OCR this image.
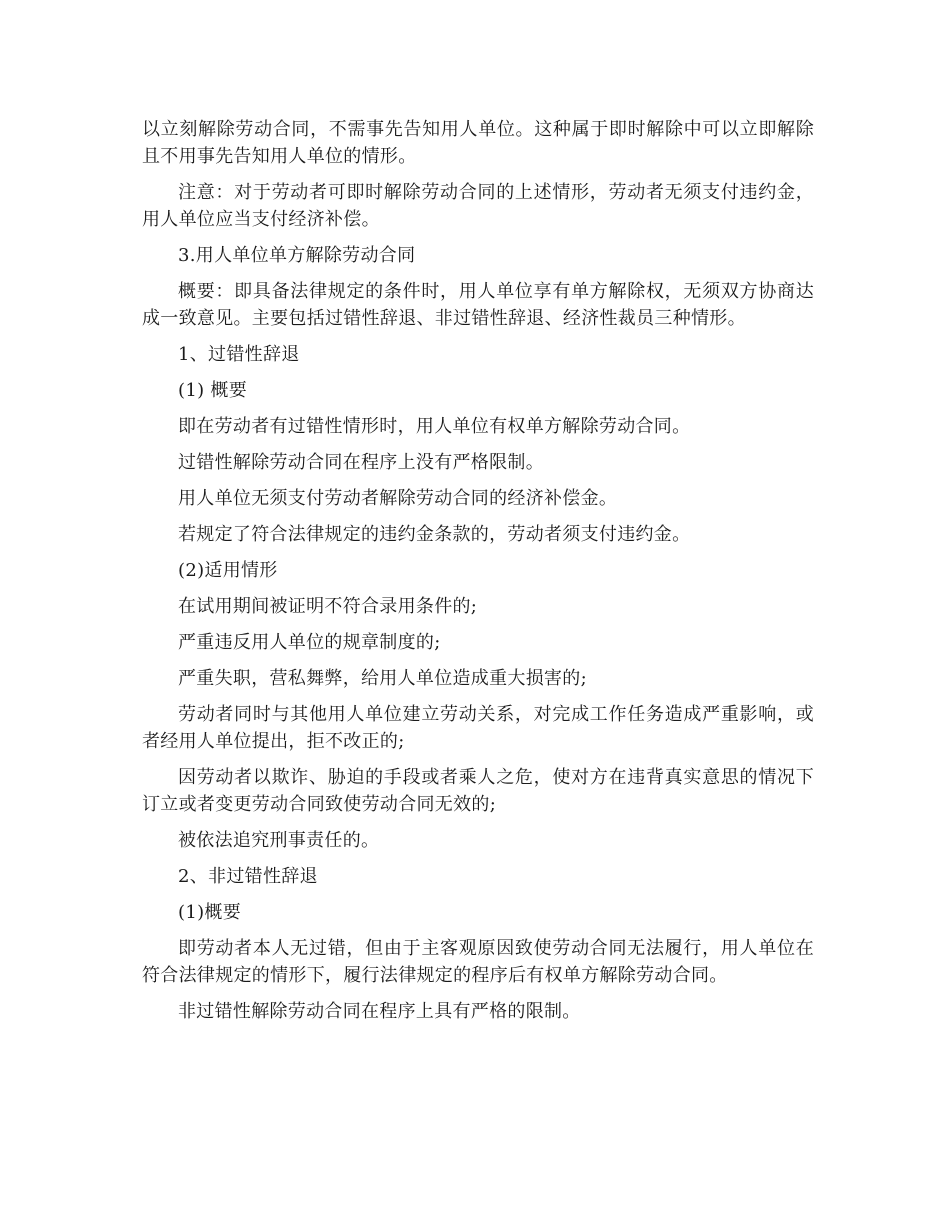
以立刻解除劳动合同，不需事先告知用人单位。这种属于即时解除中可以立即解除且不用事先告知用人单位的情形。

注意：对于劳动者可即时解除劳动合同的上述情形，劳动者无须支付违约金，用人单位应当支付经济补偿。

3.用人单位单方解除劳动合同

概要：即具备法律规定的条件时，用人单位享有单方解除权，无须双方协商达成一致意见。主要包括过错性辞退、非过错性辞退、经济性裁员三种情形。

1、过错性辞退

(1) 概要

即在劳动者有过错性情形时，用人单位有权单方解除劳动合同。

过错性解除劳动合同在程序上没有严格限制。

用人单位无须支付劳动者解除劳动合同的经济补偿金。

若规定了符合法律规定的违约金条款的，劳动者须支付违约金。

(2)适用情形

在试用期间被证明不符合录用条件的;

严重违反用人单位的规章制度的;

严重失职，营私舞弊，给用人单位造成重大损害的;

劳动者同时与其他用人单位建立劳动关系，对完成工作任务造成严重影响，或者经用人单位提出，拒不改正的;

因劳动者以欺诈、胁迫的手段或者乘人之危，使对方在违背真实意思的情况下订立或者变更劳动合同致使劳动合同无效的;

被依法追究刑事责任的。

2、非过错性辞退

(1)概要

即劳动者本人无过错，但由于主客观原因致使劳动合同无法履行，用人单位在符合法律规定的情形下，履行法律规定的程序后有权单方解除劳动合同。

非过错性解除劳动合同在程序上具有严格的限制。
